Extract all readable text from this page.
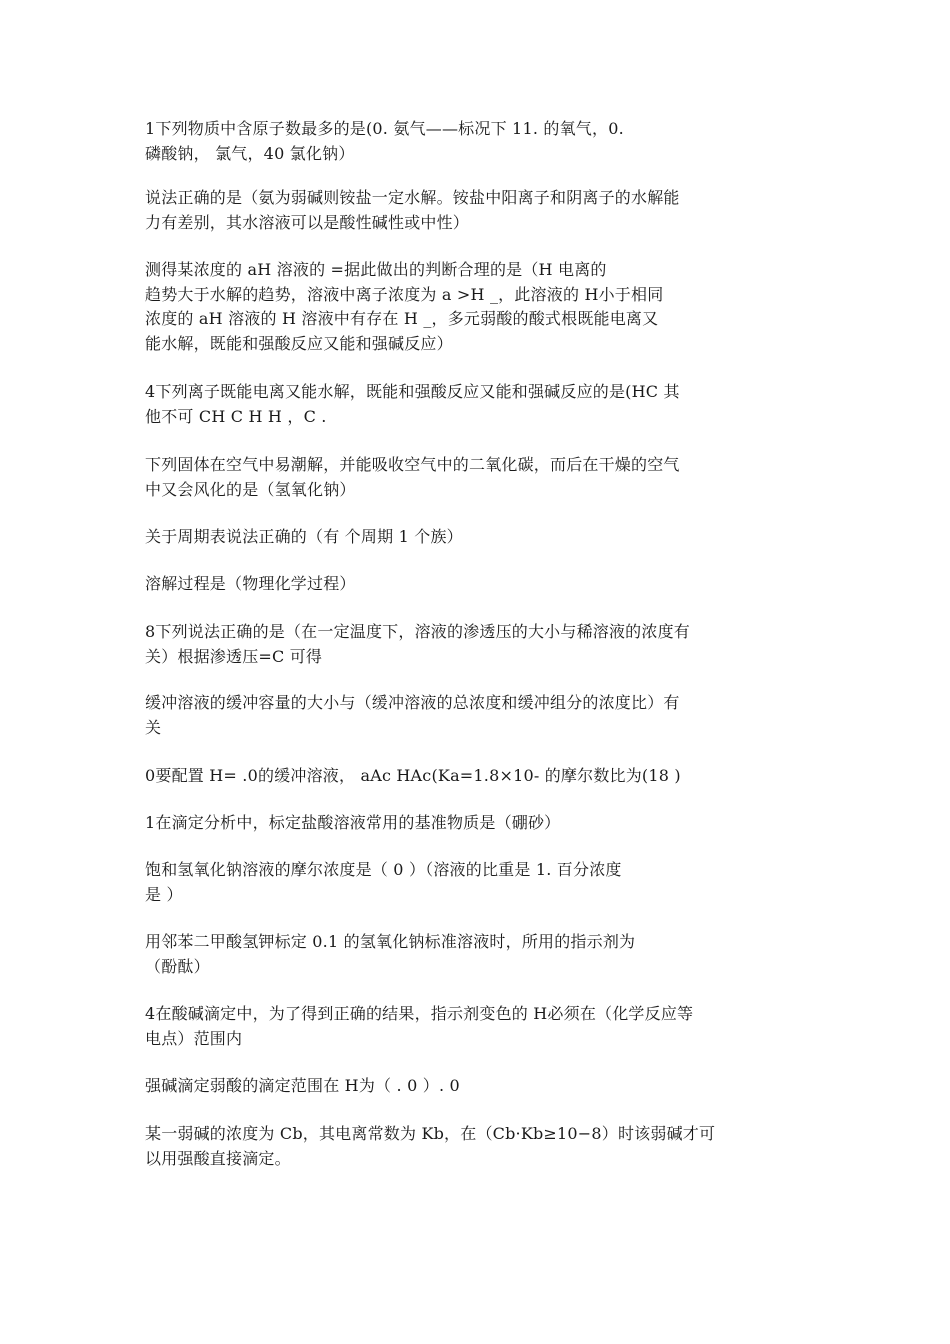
1下列物质中含原子数最多的是(0. 氨气——标况下 11. 的氧气，0.
磷酸钠， 氯气，40 氯化钠）
说法正确的是（氨为弱碱则铵盐一定水解。铵盐中阳离子和阴离子的水解能
力有差别，其水溶液可以是酸性碱性或中性）
测得某浓度的 aH 溶液的 =据此做出的判断合理的是（H 电离的
趋势大于水解的趋势，溶液中离子浓度为 a >H _，此溶液的 H小于相同
浓度的 aH 溶液的 H 溶液中有存在 H _，多元弱酸的酸式根既能电离又
能水解，既能和强酸反应又能和强碱反应）
4下列离子既能电离又能水解，既能和强酸反应又能和强碱反应的是(HC 其
他不可 CH C H H ，C .
下列固体在空气中易潮解，并能吸收空气中的二氧化碳，而后在干燥的空气
中又会风化的是（氢氧化钠）
关于周期表说法正确的（有 个周期 1 个族）
溶解过程是（物理化学过程）
8下列说法正确的是（在一定温度下，溶液的渗透压的大小与稀溶液的浓度有
关）根据渗透压=C 可得
缓冲溶液的缓冲容量的大小与（缓冲溶液的总浓度和缓冲组分的浓度比）有
关
0要配置 H= .0的缓冲溶液， aAc HAc(Ka=1.8×10- 的摩尔数比为(18 )
1在滴定分析中，标定盐酸溶液常用的基准物质是（硼砂）
饱和氢氧化钠溶液的摩尔浓度是（ 0 ）（溶液的比重是 1. 百分浓度
是 ）
用邻苯二甲酸氢钾标定 0.1 的氢氧化钠标准溶液时，所用的指示剂为
（酚酞）
4在酸碱滴定中，为了得到正确的结果，指示剂变色的 H必须在（化学反应等
电点）范围内
强碱滴定弱酸的滴定范围在 H为（ . 0 ）. 0
某一弱碱的浓度为 Cb，其电离常数为 Kb，在（Cb·Kb≥10−8）时该弱碱才可
以用强酸直接滴定。
